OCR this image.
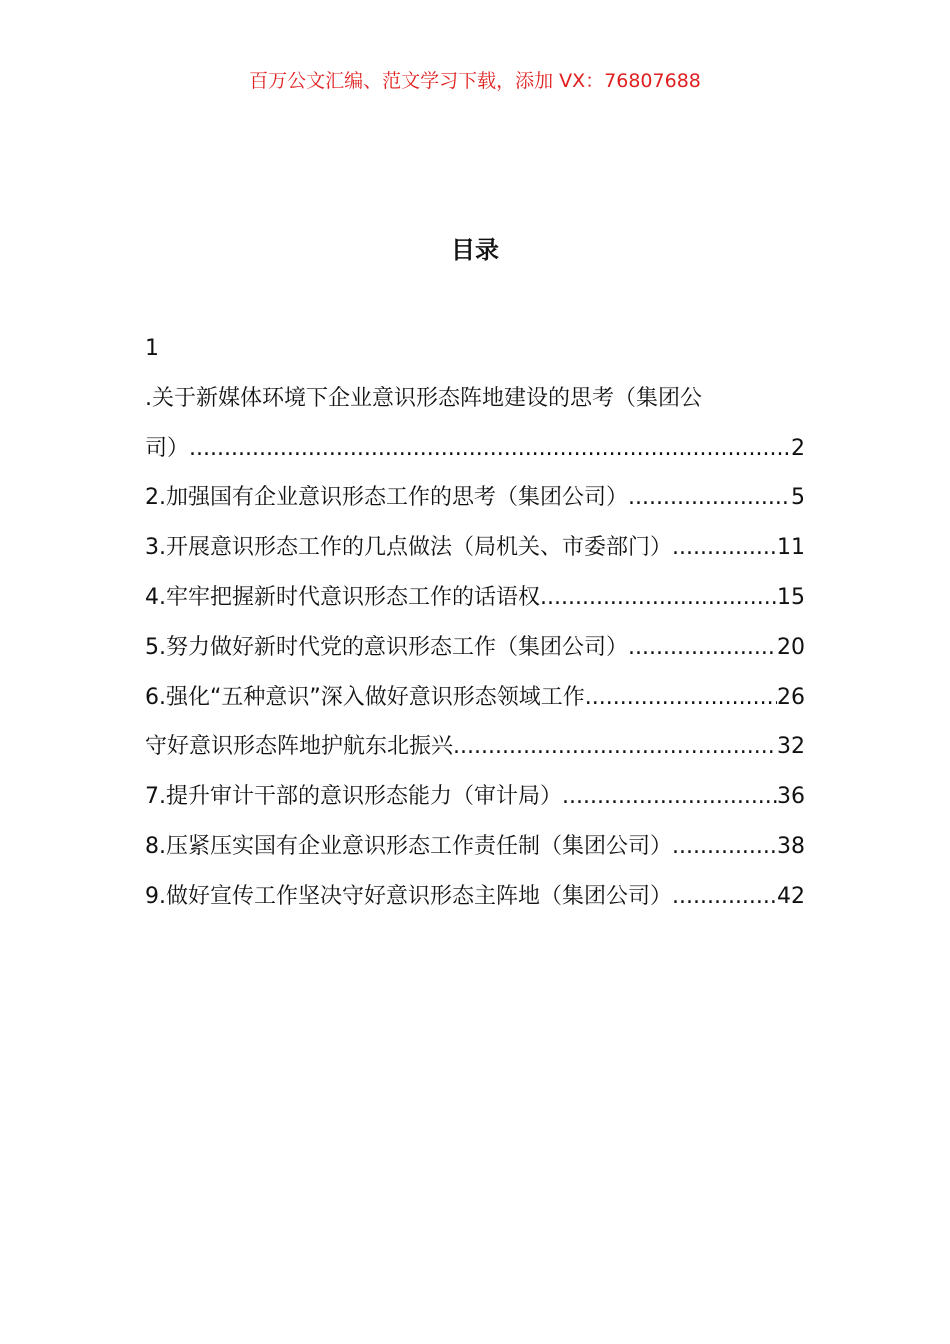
百万公文汇编、范文学习下载，添加 VX：76807688
目录
1
.关于新媒体环境下企业意识形态阵地建设的思考（集团公
司） .....	2
2.加强国有企业意识形态工作的思考（集团公司） .....	5
3.开展意识形态工作的几点做法（局机关、市委部门） .....	11
4.牢牢把握新时代意识形态工作的话语权 .....	15
5.努力做好新时代党的意识形态工作（集团公司） .....	20
6.强化“五种意识”深入做好意识形态领域工作 .....	26
守好意识形态阵地护航东北振兴 .....	32
7.提升审计干部的意识形态能力（审计局） .....	36
8.压紧压实国有企业意识形态工作责任制（集团公司） .....	38
9.做好宣传工作坚决守好意识形态主阵地（集团公司） .....	42
